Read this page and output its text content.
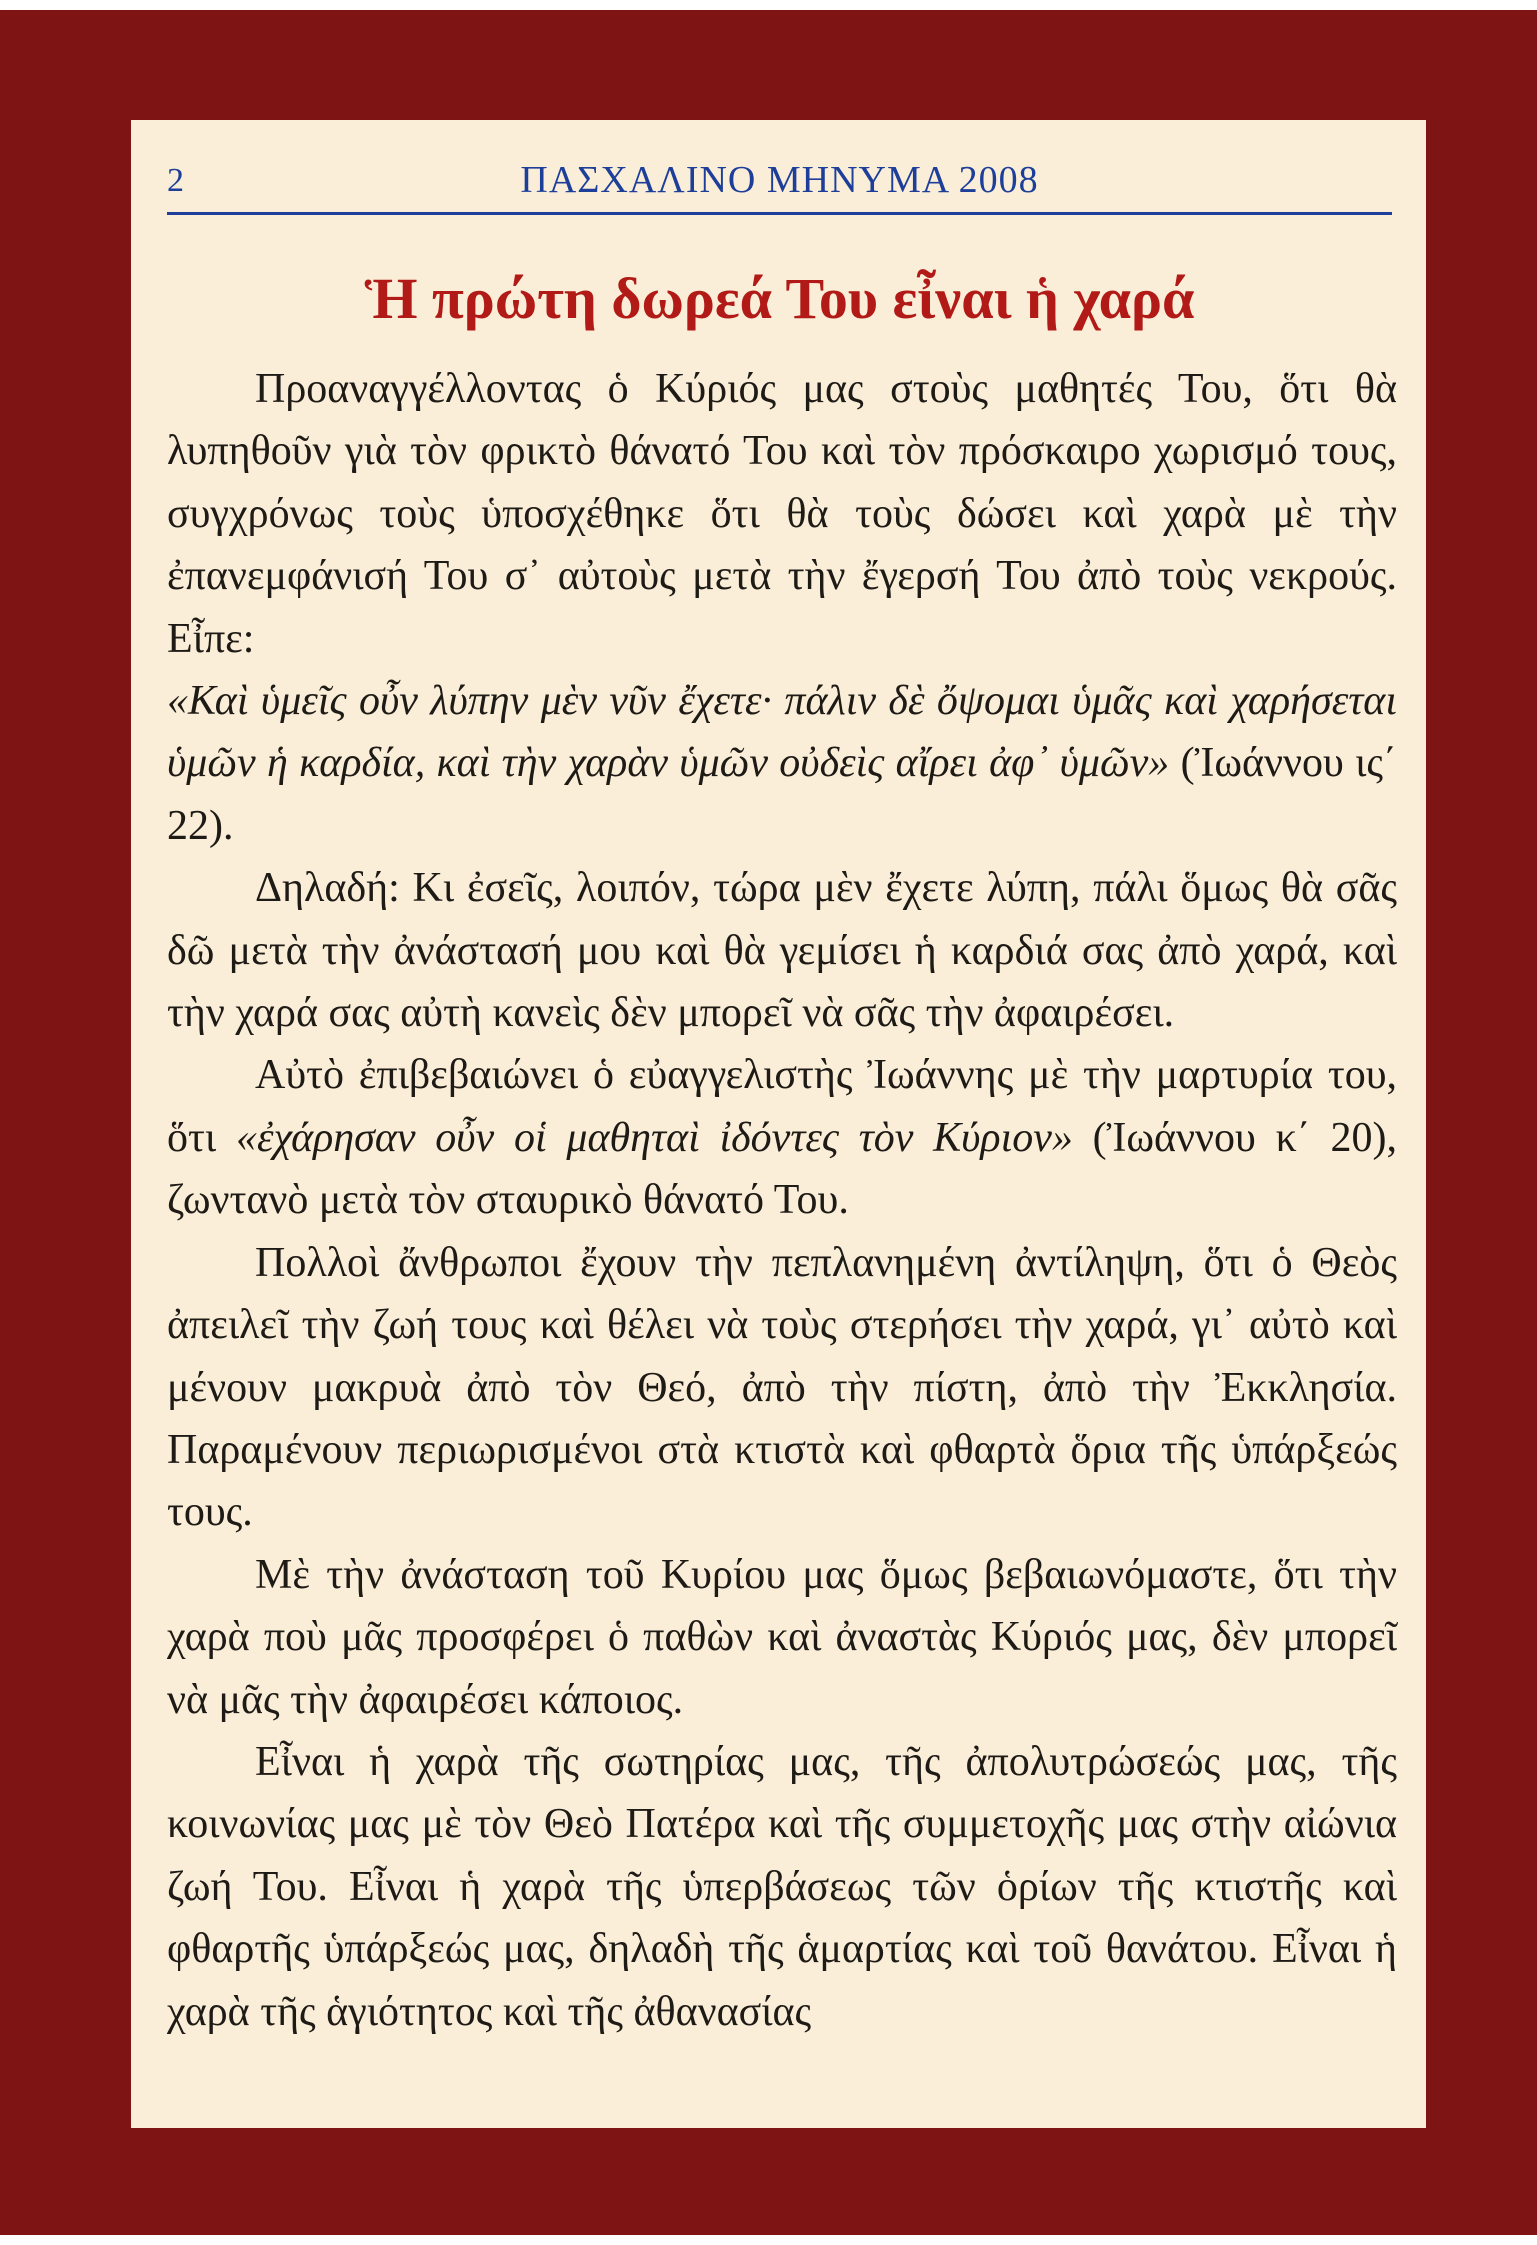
2	ΠΑΣΧΑΛΙΝΟ ΜΗΝΥΜΑ 2008
Ἡ πρώτη δωρεά Του εἶναι ἡ χαρά

Προαναγγέλλοντας ὁ Κύριός μας στοὺς μαθητές Του, ὅτι θὰ λυπηθοῦν γιὰ τὸν φρικτὸ θάνατό Του καὶ τὸν πρόσκαιρο χωρισμό τους, συγχρόνως τοὺς ὑποσχέθηκε ὅτι θὰ τοὺς δώσει καὶ χαρὰ μὲ τὴν ἐπανεμφάνισή Του σ᾽ αὐτοὺς μετὰ τὴν ἔγερσή Του ἀπὸ τοὺς νεκρούς. Εἶπε:

«Καὶ ὑμεῖς οὖν λύπην μὲν νῦν ἔχετε· πάλιν δὲ ὄψομαι ὑμᾶς καὶ χαρήσεται ὑμῶν ἡ καρδία, καὶ τὴν χαρὰν ὑμῶν οὐδεὶς αἴρει ἀφ᾽ ὑμῶν» (Ἰωάννου ις΄ 22).

Δηλαδή: Κι ἐσεῖς, λοιπόν, τώρα μὲν ἔχετε λύπη, πάλι ὅμως θὰ σᾶς δῶ μετὰ τὴν ἀνάστασή μου καὶ θὰ γεμίσει ἡ καρδιά σας ἀπὸ χαρά, καὶ τὴν χαρά σας αὐτὴ κανεὶς δὲν μπορεῖ νὰ σᾶς τὴν ἀφαιρέσει.

Αὐτὸ ἐπιβεβαιώνει ὁ εὐαγγελιστὴς Ἰωάννης μὲ τὴν μαρτυρία του, ὅτι «ἐχάρησαν οὖν οἱ μαθηταὶ ἰδόντες τὸν Κύριον» (Ἰωάννου κ΄ 20), ζωντανὸ μετὰ τὸν σταυρικὸ θάνατό Του.

Πολλοὶ ἄνθρωποι ἔχουν τὴν πεπλανημένη ἀντίληψη, ὅτι ὁ Θεὸς ἀπειλεῖ τὴν ζωή τους καὶ θέλει νὰ τοὺς στερήσει τὴν χαρά, γι᾽ αὐτὸ καὶ μένουν μακρυὰ ἀπὸ τὸν Θεό, ἀπὸ τὴν πίστη, ἀπὸ τὴν Ἐκκλησία. Παραμένουν περιωρισμένοι στὰ κτιστὰ καὶ φθαρτὰ ὅρια τῆς ὑπάρξεώς τους.

Μὲ τὴν ἀνάσταση τοῦ Κυρίου μας ὅμως βεβαιωνόμαστε, ὅτι τὴν χαρὰ ποὺ μᾶς προσφέρει ὁ παθὼν καὶ ἀναστὰς Κύριός μας, δὲν μπορεῖ νὰ μᾶς τὴν ἀφαιρέσει κάποιος.

Εἶναι ἡ χαρὰ τῆς σωτηρίας μας, τῆς ἀπολυτρώσεώς μας, τῆς κοινωνίας μας μὲ τὸν Θεὸ Πατέρα καὶ τῆς συμμετοχῆς μας στὴν αἰώνια ζωή Του. Εἶναι ἡ χαρὰ τῆς ὑπερβάσεως τῶν ὁρίων τῆς κτιστῆς καὶ φθαρτῆς ὑπάρξεώς μας, δηλαδὴ τῆς ἁμαρτίας καὶ τοῦ θανάτου. Εἶναι ἡ χαρὰ τῆς ἁγιότητος καὶ τῆς ἀθανασίας
